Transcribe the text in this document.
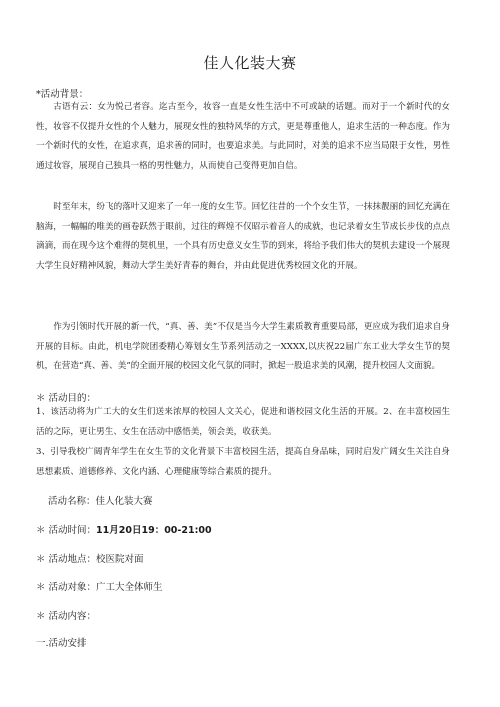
佳人化装大赛
*活动背景：
古语有云：女为悦己者容。迄古至今，妆容一直是女性生活中不可或缺的话题。而对于一个新时代的女性，妆容不仅提升女性的个人魅力，展现女性的独特风华的方式，更是尊重他人，追求生活的一种态度。作为一个新时代的女性，在追求真，追求善的同时，也要追求美。与此同时，对美的追求不应当局限于女性，男性通过妆容，展现自己独具一格的男性魅力，从而使自己变得更加自信。
时至年末，纷飞的落叶又迎来了一年一度的女生节。回忆往昔的一个个女生节，一抹抹靓丽的回忆充满在脑海，一幅幅的唯美的画卷跃然于眼前，过往的辉煌不仅昭示着音人的成就，也记录着女生节成长步伐的点点滴滴，而在现今这个难得的契机里，一个具有历史意义女生节的到来，将给予我们伟大的契机去建设一个展现大学生良好精神风貌，舞动大学生美好青春的舞台，并由此促进优秀校园文化的开展。
作为引领时代开展的新一代，“真、善、美”不仅是当今大学生素质教育重要局部，更应成为我们追求自身开展的目标。由此，机电学院团委精心筹划女生节系列活动之一XXXX,以庆祝22届广东工业大学女生节的契机，在营造“真、善、美”的全面开展的校园文化气氛的同时，掀起一股追求美的风潮，提升校园人文面貌。
＊ 活动目的：
1、该活动将为广工大的女生们送来浓厚的校园人文关心，促进和谐校园文化生活的开展。2、在丰富校园生活的之际，更让男生、女生在活动中感悟美，领会美，收获美。
3、引导我校广阔青年学生在女生节的文化背景下丰富校园生活，提高自身品味，同时启发广阔女生关注自身思想素质、道德修养、文化内涵、心理健康等综合素质的提升。
活动名称：佳人化装大赛
＊ 活动时间：11月20日19：00-21:00
＊ 活动地点：校医院对面
＊ 活动对象：广工大全体师生
＊ 活动内容：
一.活动安排
